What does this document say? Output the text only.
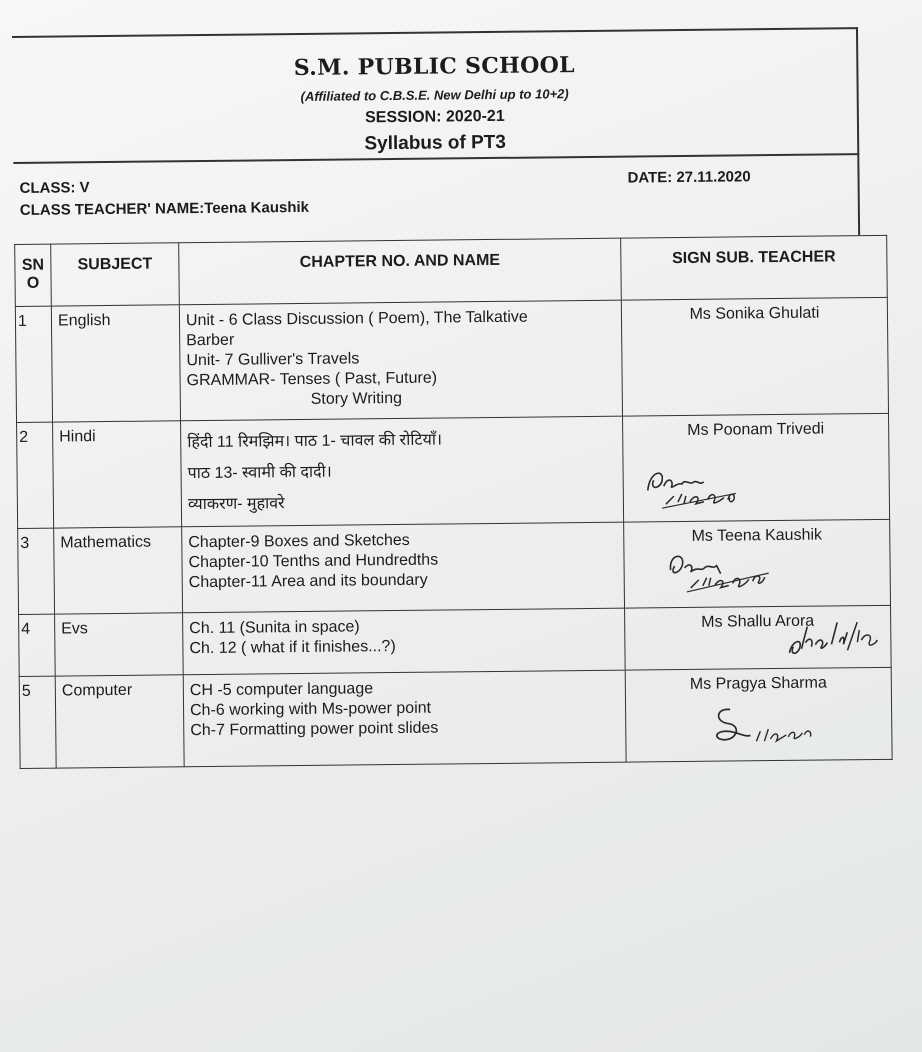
S.M. PUBLIC SCHOOL
(Affiliated to C.B.S.E. New Delhi up to 10+2)
SESSION: 2020-21
Syllabus of PT3
CLASS: V
CLASS TEACHER' NAME:Teena Kaushik
DATE: 27.11.2020
SN O	SUBJECT	CHAPTER NO. AND NAME	SIGN SUB. TEACHER
1	English	Unit - 6 Class Discussion ( Poem), The Talkative
Barber
Unit- 7 Gulliver's Travels
GRAMMAR- Tenses ( Past, Future)
Story Writing	Ms Sonika Ghulati

2	Hindi	हिंदी 11 रिमझिम। पाठ 1- चावल की रोटियाँ।
पाठ 13- स्वामी की दादी।
व्याकरण- मुहावरे	Ms Poonam Trivedi

3	Mathematics	Chapter-9 Boxes and Sketches
Chapter-10 Tenths and Hundredths
Chapter-11 Area and its boundary	Ms Teena Kaushik

4	Evs	Ch. 11 (Sunita in space)
Ch. 12 ( what if it finishes...?)	Ms Shallu Arora

5	Computer	CH -5 computer language
Ch-6 working with Ms-power point
Ch-7 Formatting power point slides	Ms Pragya Sharma
